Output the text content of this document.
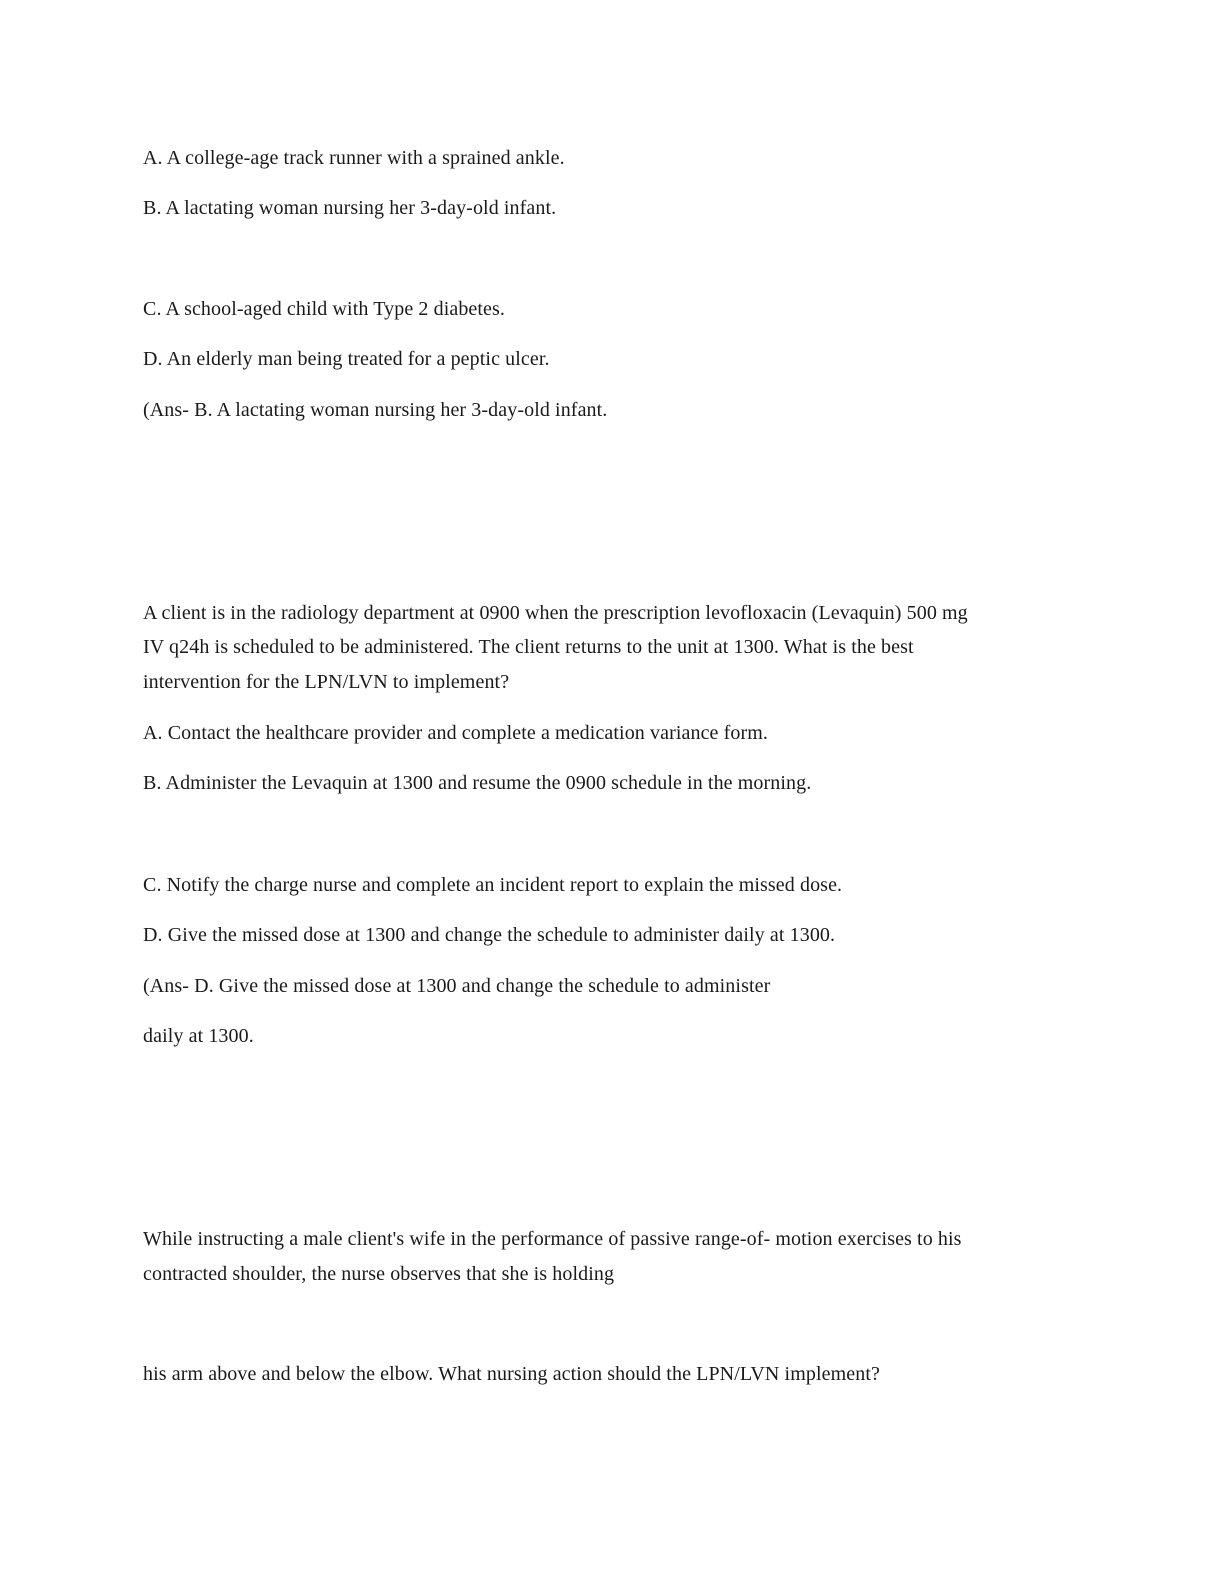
A. A college-age track runner with a sprained ankle.
B. A lactating woman nursing her 3-day-old infant.
C. A school-aged child with Type 2 diabetes.
D. An elderly man being treated for a peptic ulcer.
(Ans- B. A lactating woman nursing her 3-day-old infant.
A client is in the radiology department at 0900 when the prescription levofloxacin (Levaquin) 500 mg
IV q24h is scheduled to be administered. The client returns to the unit at 1300. What is the best
intervention for the LPN/LVN to implement?
A. Contact the healthcare provider and complete a medication variance form.
B. Administer the Levaquin at 1300 and resume the 0900 schedule in the morning.
C. Notify the charge nurse and complete an incident report to explain the missed dose.
D. Give the missed dose at 1300 and change the schedule to administer daily at 1300.
(Ans- D. Give the missed dose at 1300 and change the schedule to administer
daily at 1300.
While instructing a male client's wife in the performance of passive range-of- motion exercises to his
contracted shoulder, the nurse observes that she is holding
his arm above and below the elbow. What nursing action should the LPN/LVN implement?
